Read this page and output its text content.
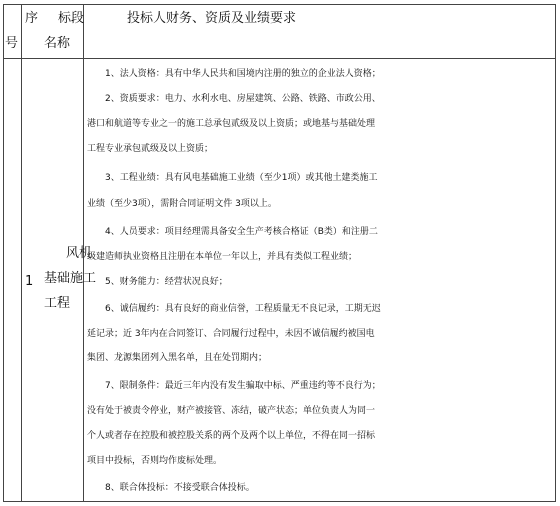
序
号
标段
名称
投标人财务、资质及业绩要求
1
风机
基础施工
工程
　　1、法人资格：具有中华人民共和国境内注册的独立的企业法人资格；
　　2、资质要求：电力、水利水电、房屋建筑、公路、铁路、市政公用、
港口和航道等专业之一的施工总承包贰级及以上资质；或地基与基础处理
工程专业承包贰级及以上资质；
　　3、工程业绩：具有风电基础施工业绩（至少1项）或其他土建类施工
业绩（至少3项），需附合同证明文件 3项以上。
　　4、人员要求：项目经理需具备安全生产考核合格证（B类）和注册二
级建造师执业资格且注册在本单位一年以上，并具有类似工程业绩；
　　5、财务能力：经营状况良好；
　　6、诚信履约：具有良好的商业信誉，工程质量无不良记录，工期无迟
延记录；近 3年内在合同签订、合同履行过程中，未因不诚信履约被国电
集团、龙源集团列入黑名单，且在处罚期内；
　　7、限制条件：最近三年内没有发生骗取中标、严重违约等不良行为；
没有处于被责令停业，财产被接管、冻结，破产状态；单位负责人为同一
个人或者存在控股和被控股关系的两个及两个以上单位，不得在同一招标
项目中投标，否则均作废标处理。
　　8、联合体投标：不接受联合体投标。
